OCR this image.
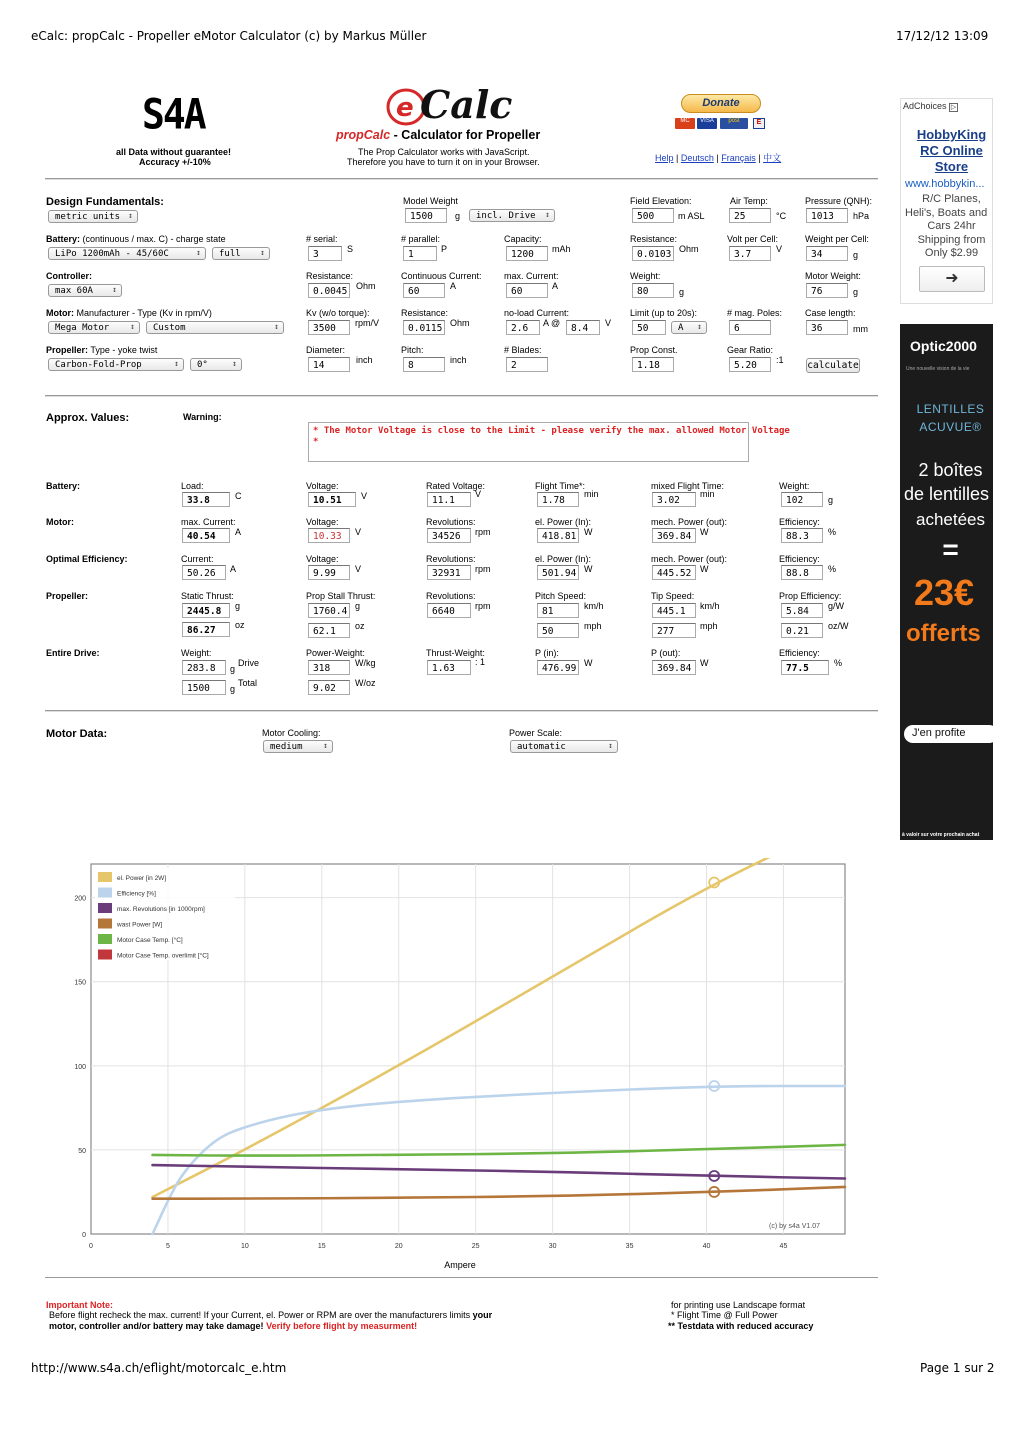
eCalc: propCalc - Propeller eMotor Calculator (c) by Markus Müller	17/12/12 13:09
http://www.s4a.ch/eflight/motorcalc_e.htm	Page 1 sur 2
S4A
all Data without guarantee!
Accuracy +/-10%
e Calc
propCalc - Calculator for Propeller
The Prop Calculator works with JavaScript.
Therefore you have to turn it on in your Browser.
Donate
MC	VISA	post	E
Help | Deutsch | Français | 中文
Design Fundamentals:
metric units ↕
Model Weight
1500	g	incl. Drive ↕
Field Elevation:
500	m ASL
Air Temp:
25	°C
Pressure (QNH):
1013	hPa
Battery: (continuous / max. C) - charge state
LiPo 1200mAh - 45/60C ↕	full ↕
# serial:
3	S
# parallel:
1	P
Capacity:
1200	mAh
Resistance:
0.0103 Ohm
Volt per Cell:
3.7	V
Weight per Cell:
34	g
Controller:
max 60A ↕
Resistance:
0.0045 Ohm
Continuous Current:
60	A
max. Current:
60	A
Weight:
80	g
Motor Weight:
76	g
Motor: Manufacturer - Type (Kv in rpm/V)
Mega Motor ↕	Custom ↕
Kv (w/o torque):
3500	rpm/V
Resistance:
0.0115 Ohm
no-load Current:
2.6	A @	8.4	V
Limit (up to 20s):
50	A ↕
# mag. Poles:
6
Case length:
36	mm
Propeller: Type - yoke twist
Carbon-Fold-Prop ↕	0° ↕
Diameter:
14	inch
Pitch:
8	inch
# Blades:
2
Prop Const.
1.18
Gear Ratio:
5.20	:1 calculate
Approx. Values:	Warning:
* The Motor Voltage is close to the Limit - please verify the max. allowed Motor Voltage
*
Battery:	Load:
33.8	C
Voltage:
10.51	V
Rated Voltage:
11.1
V
Flight Time*:
1.78
min
mixed Flight Time:
3.02
min
Weight:
102	g
Motor:	max. Current:
40.54	A
Voltage:
10.33	V
Revolutions:
34526	rpm
el. Power (In):
418.81 W
mech. Power (out):
369.84 W
Efficiency:
88.3	%
Optimal Efficiency:	Current:
50.26	A
Voltage:
9.99	V
Revolutions:
32931	rpm
el. Power (In):
501.94 W
mech. Power (out):
445.52 W
Efficiency:
88.8	%
Propeller:	Static Thrust:
2445.8	g
86.27	oz
Prop Stall Thrust:
1760.4 g
62.1	oz
Revolutions:
6640	rpm
Pitch Speed:
81	km/h
50	mph
Tip Speed:
445.1	km/h
277	mph
Prop Efficiency:
5.84	g/W
0.21	oz/W
Entire Drive:	Weight:
283.8	g
Drive
1500	g
Total
Power-Weight:
318	W/kg
9.02	W/oz
Thrust-Weight:
1.63
: 1
P (in):
476.99 W
P (out):
369.84 W
Efficiency:
77.5	%
Motor Data:	Motor Cooling:
medium ↕
Power Scale:
automatic ↕
0	5	10	15	20	25	30	35	40	45
0
50
100
150
200
el. Power [in 2W]
Efficiency [%]
max. Revolutions [in 1000rpm]
wast Power [W]
Motor Case Temp. [°C]
Motor Case Temp. overlimit [°C]
(c) by s4a V1.07
Ampere
Important Note:
Before flight recheck the max. current! If your Current, el. Power or RPM are over the manufacturers limits your
motor, controller and/or battery may take damage! Verify before flight by measurment!
for printing use Landscape format
* Flight Time @ Full Power
** Testdata with reduced accuracy
AdChoices ▷
HobbyKing
RC Online
Store
www.hobbykin...
R/C Planes,
Heli's, Boats and
Cars 24hr
Shipping from
Only $2.99
➜
Optic2000
Une nouvelle vision de la vie
LENTILLES
ACUVUE®
2 boîtes
de lentilles
achetées
=
23€
offerts
J'en profite
à valoir sur votre prochain achat
